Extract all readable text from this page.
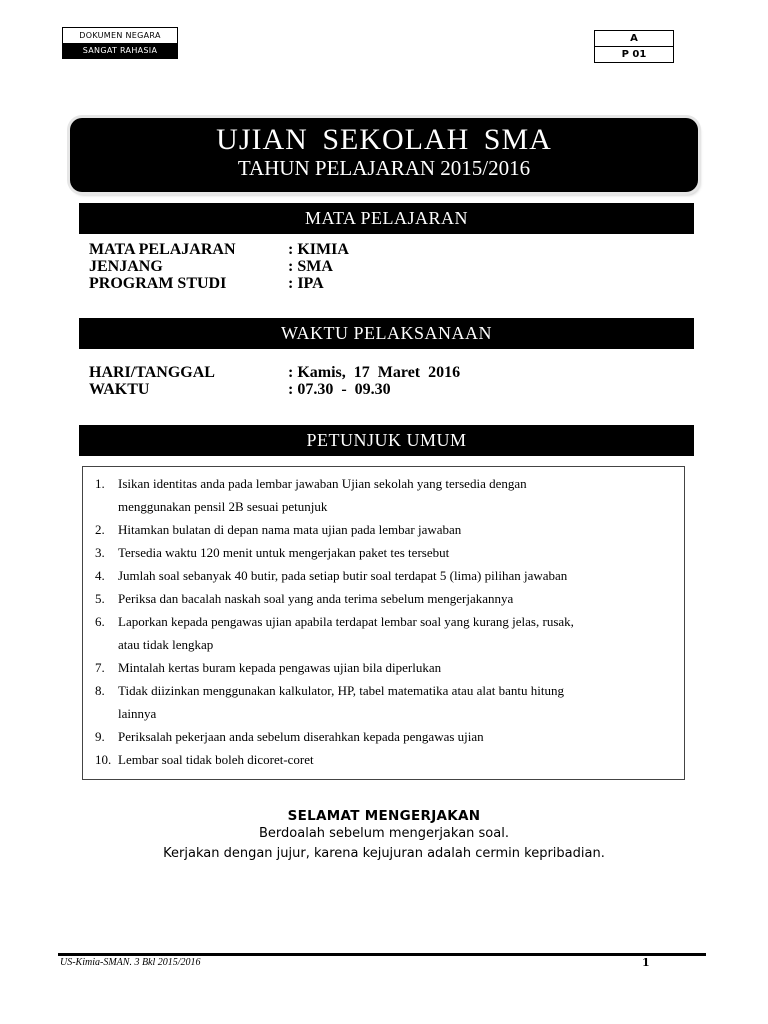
DOKUMEN NEGARA
SANGAT RAHASIA
A
P 01
UJIAN SEKOLAH SMA
TAHUN PELAJARAN 2015/2016
MATA PELAJARAN
MATA PELAJARAN	: KIMIA
JENJANG	: SMA
PROGRAM STUDI	: IPA
WAKTU PELAKSANAAN
HARI/TANGGAL	: Kamis,  17  Maret  2016
WAKTU	: 07.30  -  09.30
PETUNJUK UMUM
1.	Isikan identitas anda pada lembar jawaban Ujian sekolah yang tersedia dengan
menggunakan pensil 2B sesuai petunjuk
2.	Hitamkan bulatan di depan nama mata ujian pada lembar jawaban
3.	Tersedia waktu 120 menit untuk mengerjakan paket tes tersebut
4.	Jumlah soal sebanyak 40 butir, pada setiap butir soal terdapat 5 (lima) pilihan jawaban
5.	Periksa dan bacalah naskah soal yang anda terima sebelum mengerjakannya
6.	Laporkan kepada pengawas ujian apabila terdapat lembar soal yang kurang jelas, rusak,
atau tidak lengkap
7.	Mintalah kertas buram kepada pengawas ujian bila diperlukan
8.	Tidak diizinkan menggunakan kalkulator, HP, tabel matematika atau alat bantu hitung
lainnya
9.	Periksalah pekerjaan anda sebelum diserahkan kepada pengawas ujian
10. Lembar soal tidak boleh dicoret-coret
SELAMAT MENGERJAKAN
Berdoalah sebelum mengerjakan soal.
Kerjakan dengan jujur, karena kejujuran adalah cermin kepribadian.
US-Kimia-SMAN. 3 Bkl 2015/2016	1
